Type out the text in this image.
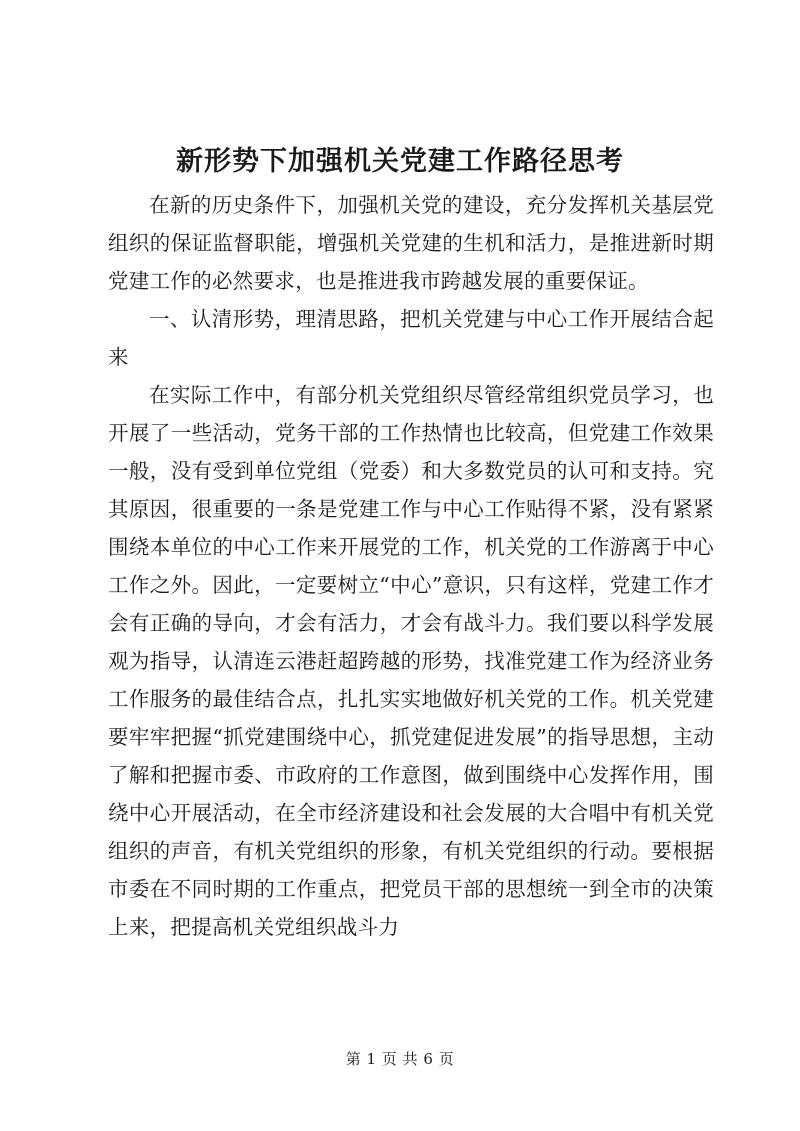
新形势下加强机关党建工作路径思考

在新的历史条件下，加强机关党的建设，充分发挥机关基层党组织的保证监督职能，增强机关党建的生机和活力，是推进新时期党建工作的必然要求，也是推进我市跨越发展的重要保证。

一、认清形势，理清思路，把机关党建与中心工作开展结合起来

在实际工作中，有部分机关党组织尽管经常组织党员学习，也开展了一些活动，党务干部的工作热情也比较高，但党建工作效果一般，没有受到单位党组（党委）和大多数党员的认可和支持。究其原因，很重要的一条是党建工作与中心工作贴得不紧，没有紧紧围绕本单位的中心工作来开展党的工作，机关党的工作游离于中心工作之外。因此，一定要树立“中心”意识，只有这样，党建工作才会有正确的导向，才会有活力，才会有战斗力。我们要以科学发展观为指导，认清连云港赶超跨越的形势，找准党建工作为经济业务工作服务的最佳结合点，扎扎实实地做好机关党的工作。机关党建要牢牢把握“抓党建围绕中心，抓党建促进发展”的指导思想，主动了解和把握市委、市政府的工作意图，做到围绕中心发挥作用，围绕中心开展活动，在全市经济建设和社会发展的大合唱中有机关党组织的声音，有机关党组织的形象，有机关党组织的行动。要根据市委在不同时期的工作重点，把党员干部的思想统一到全市的决策上来，把提高机关党组织战斗力

第 1 页 共 6 页
